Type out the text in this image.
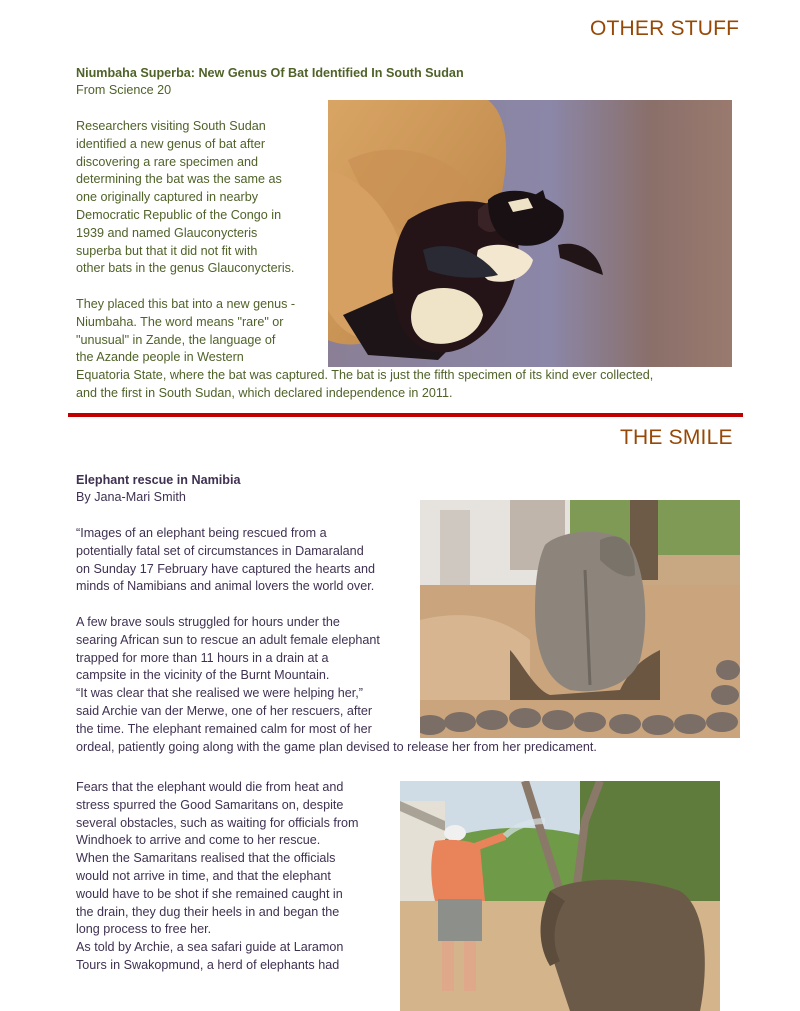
OTHER STUFF
Niumbaha Superba: New Genus Of Bat Identified In South Sudan
From Science 20

Researchers visiting South Sudan
identified a new genus of bat after
discovering a rare specimen and
determining the bat was the same as
one originally captured in nearby
Democratic Republic of the Congo in
1939 and named Glauconycteris
superba but that it did not fit with
other bats in the genus Glauconycteris.

They placed this bat into a new genus -
Niumbaha. The word means "rare" or
"unusual" in Zande, the language of
the Azande people in Western
Equatoria State, where the bat was captured. The bat is just the fifth specimen of its kind ever collected,
and the first in South Sudan, which declared independence in 2011.

THE SMILE
Elephant rescue in Namibia
By Jana-Mari Smith

“Images of an elephant being rescued from a
potentially fatal set of circumstances in Damaraland
on Sunday 17 February have captured the hearts and
minds of Namibians and animal lovers the world over.

A few brave souls struggled for hours under the
searing African sun to rescue an adult female elephant
trapped for more than 11 hours in a drain at a
campsite in the vicinity of the Burnt Mountain.
“It was clear that she realised we were helping her,”
said Archie van der Merwe, one of her rescuers, after
the time. The elephant remained calm for most of her
ordeal, patiently going along with the game plan devised to release her from her predicament.

Fears that the elephant would die from heat and
stress spurred the Good Samaritans on, despite
several obstacles, such as waiting for officials from
Windhoek to arrive and come to her rescue.
When the Samaritans realised that the officials
would not arrive in time, and that the elephant
would have to be shot if she remained caught in
the drain, they dug their heels in and began the
long process to free her.
As told by Archie, a sea safari guide at Laramon
Tours in Swakopmund, a herd of elephants had
